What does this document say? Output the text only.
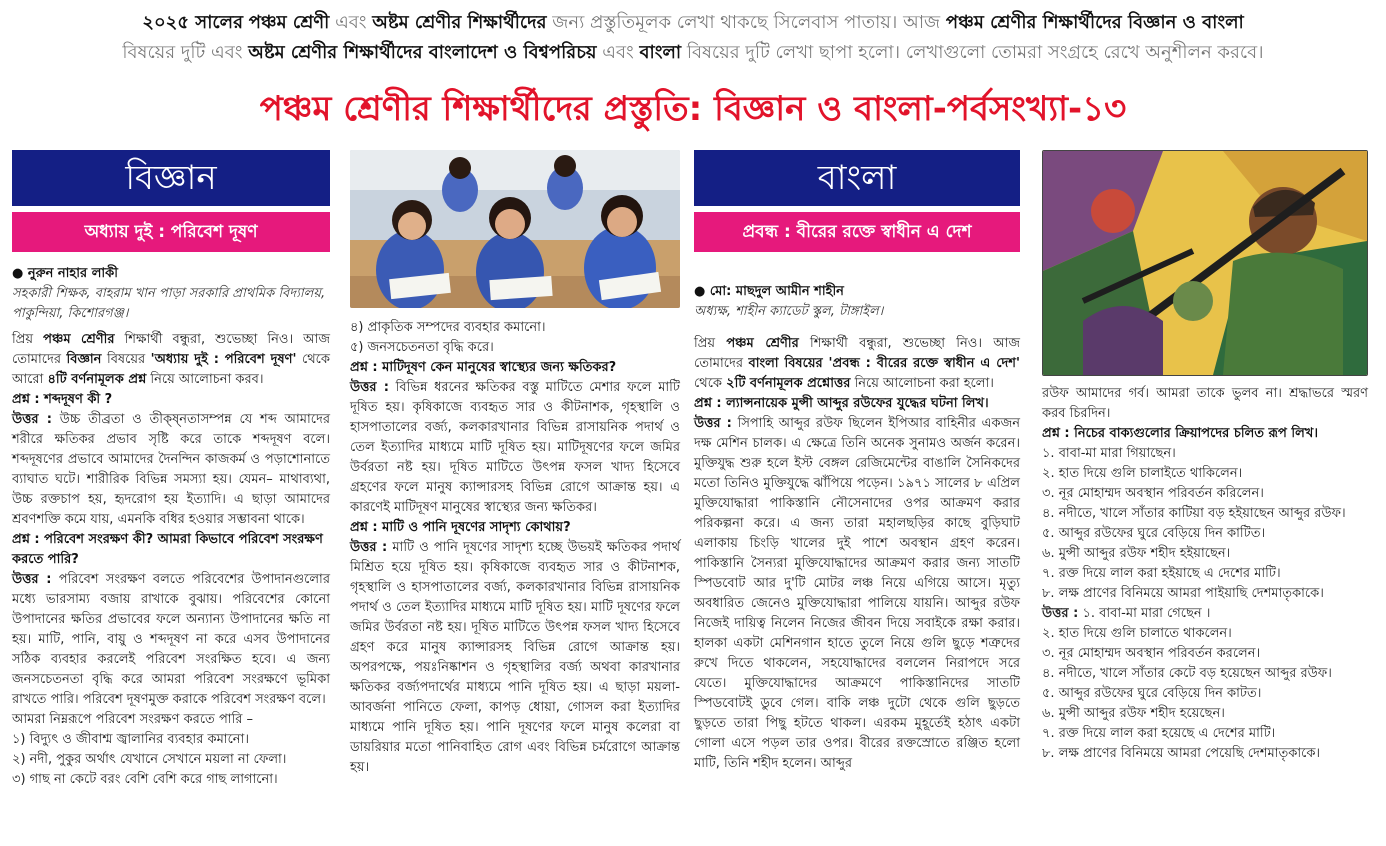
২০২৫ সালের পঞ্চম শ্রেণী এবং অষ্টম শ্রেণীর শিক্ষার্থীদের জন্য প্রস্তুতিমূলক লেখা থাকছে সিলেবাস পাতায়। আজ পঞ্চম শ্রেণীর শিক্ষার্থীদের বিজ্ঞান ও বাংলা
বিষয়ের দুটি এবং অষ্টম শ্রেণীর শিক্ষার্থীদের বাংলাদেশ ও বিশ্বপরিচয় এবং বাংলা বিষয়ের দুটি লেখা ছাপা হলো। লেখাগুলো তোমরা সংগ্রহে রেখে অনুশীলন করবে।
পঞ্চম শ্রেণীর শিক্ষার্থীদের প্রস্তুতি: বিজ্ঞান ও বাংলা-পর্বসংখ্যা-১৩
বিজ্ঞান
অধ্যায় দুই : পরিবেশ দূষণ
● নুরুন নাহার লাকী
সহকারী শিক্ষক, বাহরাম খান পাড়া সরকারি প্রাথমিক বিদ্যালয়, পাকুন্দিয়া, কিশোরগঞ্জ।
প্রিয় পঞ্চম শ্রেণীর শিক্ষার্থী বন্ধুরা, শুভেচ্ছা নিও। আজ তোমাদের বিজ্ঞান বিষয়ের 'অধ্যায় দুই : পরিবেশ দূষণ' থেকে আরো ৪টি বর্ণনামূলক প্রশ্ন নিয়ে আলোচনা করব।
প্রশ্ন : শব্দদূষণ কী ?
উত্তর : উচ্চ তীব্রতা ও তীক্ষ্নতাসম্পন্ন যে শব্দ আমাদের শরীরে ক্ষতিকর প্রভাব সৃষ্টি করে তাকে শব্দদূষণ বলে। শব্দদূষণের প্রভাবে আমাদের দৈনন্দিন কাজকর্ম ও পড়াশোনাতে ব্যাঘাত ঘটে। শারীরিক বিভিন্ন সমস্যা হয়। যেমন– মাথাব্যথা, উচ্চ রক্তচাপ হয়, হৃদরোগ হয় ইত্যাদি। এ ছাড়া আমাদের শ্রবণশক্তি কমে যায়, এমনকি বধির হওয়ার সম্ভাবনা থাকে।
প্রশ্ন : পরিবেশ সংরক্ষণ কী? আমরা কিভাবে পরিবেশ সংরক্ষণ করতে পারি?
উত্তর : পরিবেশ সংরক্ষণ বলতে পরিবেশের উপাদানগুলোর মধ্যে ভারসাম্য বজায় রাখাকে বুঝায়। পরিবেশের কোনো উপাদানের ক্ষতির প্রভাবের ফলে অন্যান্য উপাদানের ক্ষতি না হয়। মাটি, পানি, বায়ু ও শব্দদূষণ না করে এসব উপাদানের সঠিক ব্যবহার করলেই পরিবেশ সংরক্ষিত হবে। এ জন্য জনসচেতনতা বৃদ্ধি করে আমরা পরিবেশ সংরক্ষণে ভূমিকা রাখতে পারি। পরিবেশ দূষণমুক্ত করাকে পরিবেশ সংরক্ষণ বলে।
আমরা নিম্নরূপে পরিবেশ সংরক্ষণ করতে পারি –
১) বিদ্যুৎ ও জীবাশ্ম জ্বালানির ব্যবহার কমানো।
২) নদী, পুকুর অর্থাৎ যেখানে সেখানে ময়লা না ফেলা।
৩) গাছ না কেটে বরং বেশি বেশি করে গাছ লাগানো।
৪) প্রাকৃতিক সম্পদের ব্যবহার কমানো।
৫) জনসচেতনতা বৃদ্ধি করে।
প্রশ্ন : মাটিদূষণ কেন মানুষের স্বাস্থ্যের জন্য ক্ষতিকর?
উত্তর : বিভিন্ন ধরনের ক্ষতিকর বস্তু মাটিতে মেশার ফলে মাটি দূষিত হয়। কৃষিকাজে ব্যবহৃত সার ও কীটনাশক, গৃহস্থালি ও হাসপাতালের বর্জ্য, কলকারখানার বিভিন্ন রাসায়নিক পদার্থ ও তেল ইত্যাদির মাধ্যমে মাটি দূষিত হয়। মাটিদূষণের ফলে জমির উর্বরতা নষ্ট হয়। দূষিত মাটিতে উৎপন্ন ফসল খাদ্য হিসেবে গ্রহণের ফলে মানুষ ক্যান্সারসহ বিভিন্ন রোগে আক্রান্ত হয়। এ কারণেই মাটিদূষণ মানুষের স্বাস্থ্যের জন্য ক্ষতিকর।
প্রশ্ন : মাটি ও পানি দূষণের সাদৃশ্য কোথায়?
উত্তর : মাটি ও পানি দূষণের সাদৃশ্য হচ্ছে উভয়ই ক্ষতিকর পদার্থ মিশ্রিত হয়ে দূষিত হয়। কৃষিকাজে ব্যবহৃত সার ও কীটনাশক, গৃহস্থালি ও হাসপাতালের বর্জ্য, কলকারখানার বিভিন্ন রাসায়নিক পদার্থ ও তেল ইত্যাদির মাধ্যমে মাটি দূষিত হয়। মাটি দূষণের ফলে জমির উর্বরতা নষ্ট হয়। দূষিত মাটিতে উৎপন্ন ফসল খাদ্য হিসেবে গ্রহণ করে মানুষ ক্যান্সারসহ বিভিন্ন রোগে আক্রান্ত হয়। অপরপক্ষে, পয়ঃনিষ্কাশন ও গৃহস্থালির বর্জ্য অথবা কারখানার ক্ষতিকর বর্জ্যপদার্থের মাধ্যমে পানি দূষিত হয়। এ ছাড়া ময়লা-আবর্জনা পানিতে ফেলা, কাপড় ধোয়া, গোসল করা ইত্যাদির মাধ্যমে পানি দূষিত হয়। পানি দূষণের ফলে মানুষ কলেরা বা ডায়রিয়ার মতো পানিবাহিত রোগ এবং বিভিন্ন চর্মরোগে আক্রান্ত হয়।
বাংলা
প্রবন্ধ : বীরের রক্তে স্বাধীন এ দেশ
● মো: মাছদুল আমীন শাহীন
অধ্যক্ষ, শাহীন ক্যাডেট স্কুল, টাঙ্গাইল।
প্রিয় পঞ্চম শ্রেণীর শিক্ষার্থী বন্ধুরা, শুভেচ্ছা নিও। আজ তোমাদের বাংলা বিষয়ের 'প্রবন্ধ : বীরের রক্তে স্বাধীন এ দেশ' থেকে ২টি বর্ণনামূলক প্রশ্নোত্তর নিয়ে আলোচনা করা হলো।
প্রশ্ন : ল্যান্সনায়েক মুন্সী আব্দুর রউফের যুদ্ধের ঘটনা লিখ।
উত্তর : সিপাহি আব্দুর রউফ ছিলেন ইপিআর বাহিনীর একজন দক্ষ মেশিন চালক। এ ক্ষেত্রে তিনি অনেক সুনামও অর্জন করেন। মুক্তিযুদ্ধ শুরু হলে ইস্ট বেঙ্গল রেজিমেন্টের বাঙালি সৈনিকদের মতো তিনিও মুক্তিযুদ্ধে ঝাঁপিয়ে পড়েন। ১৯৭১ সালের ৮ এপ্রিল মুক্তিযোদ্ধারা পাকিস্তানি নৌসেনাদের ওপর আক্রমণ করার পরিকল্পনা করে। এ জন্য তারা মহালছড়ির কাছে বুড়িঘাট এলাকায় চিংড়ি খালের দুই পাশে অবস্থান গ্রহণ করেন। পাকিস্তানি সৈন্যরা মুক্তিযোদ্ধাদের আক্রমণ করার জন্য সাতটি স্পিডবোট আর দু'টি মোটর লঞ্চ নিয়ে এগিয়ে আসে। মৃত্যু অবধারিত জেনেও মুক্তিযোদ্ধারা পালিয়ে যায়নি। আব্দুর রউফ নিজেই দায়িত্ব নিলেন নিজের জীবন দিয়ে সবাইকে রক্ষা করার। হালকা একটা মেশিনগান হাতে তুলে নিয়ে গুলি ছুড়ে শত্রুদের রুখে দিতে থাকলেন, সহযোদ্ধাদের বললেন নিরাপদে সরে যেতে। মুক্তিযোদ্ধাদের আক্রমণে পাকিস্তানিদের সাতটি স্পিডবোটই ডুবে গেল। বাকি লঞ্চ দুটো থেকে গুলি ছুড়তে ছুড়তে তারা পিছু হটতে থাকল। এরকম মুহূর্তেই হঠাৎ একটা গোলা এসে পড়ল তার ওপর। বীরের রক্তস্রোতে রঞ্জিত হলো মাটি, তিনি শহীদ হলেন। আব্দুর
রউফ আমাদের গর্ব। আমরা তাকে ভুলব না। শ্রদ্ধাভরে স্মরণ করব চিরদিন।
প্রশ্ন : নিচের বাক্যগুলোর ক্রিয়াপদের চলিত রূপ লিখ।
১. বাবা-মা মারা গিয়াছেন।
২. হাত দিয়ে গুলি চালাইতে থাকিলেন।
৩. নূর মোহাম্মদ অবস্থান পরিবর্তন করিলেন।
৪. নদীতে, খালে সাঁতার কাটিয়া বড় হইয়াছেন আব্দুর রউফ।
৫. আব্দুর রউফের ঘুরে বেড়িয়ে দিন কাটিত।
৬. মুন্সী আব্দুর রউফ শহীদ হইয়াছেন।
৭. রক্ত দিয়ে লাল করা হইয়াছে এ দেশের মাটি।
৮. লক্ষ প্রাণের বিনিময়ে আমরা পাইয়াছি দেশমাতৃকাকে।
উত্তর : ১. বাবা-মা মারা গেছেন ।
২. হাত দিয়ে গুলি চালাতে থাকলেন।
৩. নূর মোহাম্মদ অবস্থান পরিবর্তন করলেন।
৪. নদীতে, খালে সাঁতার কেটে বড় হয়েছেন আব্দুর রউফ।
৫. আব্দুর রউফের ঘুরে বেড়িয়ে দিন কাটত।
৬. মুন্সী আব্দুর রউফ শহীদ হয়েছেন।
৭. রক্ত দিয়ে লাল করা হয়েছে এ দেশের মাটি।
৮. লক্ষ প্রাণের বিনিময়ে আমরা পেয়েছি দেশমাতৃকাকে।
